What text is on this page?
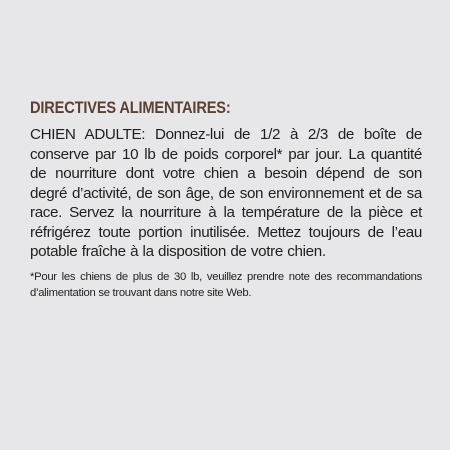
DIRECTIVES ALIMENTAIRES:

CHIEN ADULTE: Donnez-lui de 1/2 à 2/3 de boîte de conserve par 10 lb de poids corporel* par jour. La quantité de nourriture dont votre chien a besoin dépend de son degré d’activité, de son âge, de son environnement et de sa race. Servez la nourriture à la température de la pièce et réfrigérez toute portion inutilisée. Mettez toujours de l’eau potable fraîche à la disposition de votre chien.

*Pour les chiens de plus de 30 lb, veuillez prendre note des recommandations d’alimentation se trouvant dans notre site Web.
